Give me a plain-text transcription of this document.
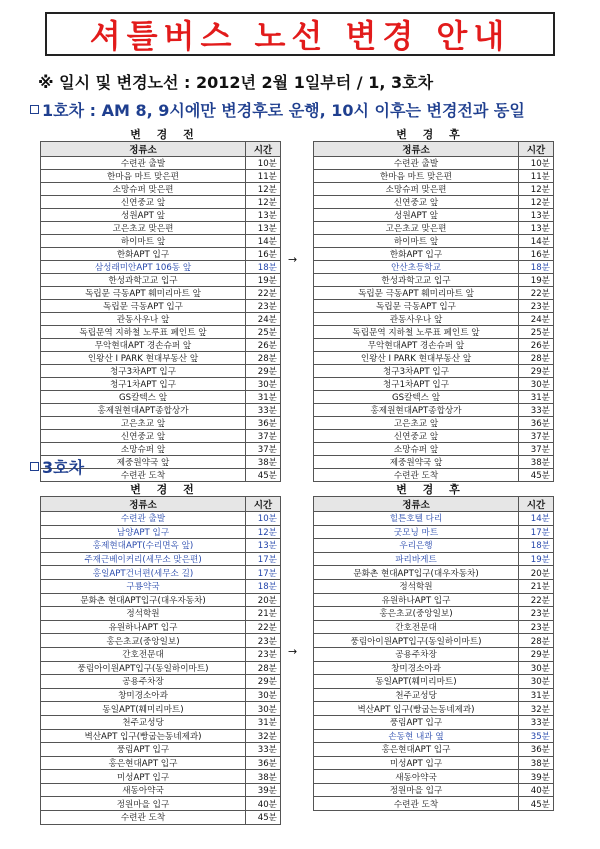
셔틀버스 노선 변경 안내
※ 일시 및 변경노선 : 2012년 2월 1일부터 / 1, 3호차
1호차 : AM 8, 9시에만 변경후로 운행, 10시 이후는 변경전과 동일
변 경 전	변 경 후
정류소	시간
수련관 출발	10분
한마음 마트 맞은편	11분
소망슈퍼 맞은편	12분
신연중교 앞	12분
성원APT 앞	13분
고은초교 맞은편	13분
하이마트 앞	14분
한화APT 입구	16분
삼성래미안APT 106동 앞	18분
한성과학고교 입구	19분
독립문 극동APT 훼미리마트 앞	22분
독립문 극동APT 입구	23분
관동사우나 앞	24분
독립문역 지하철 노루표 페인트 앞	25분
무악현대APT 경손슈퍼 앞	26분
인왕산 I PARK 현대부동산 앞	28분
청구3차APT 입구	29분
청구1차APT 입구	30분
GS칼텍스 앞	31분
홍제원현대APT종합상가	33분
고은초교 앞	36분
신연중교 앞	37분
소망슈퍼 앞	37분
제중원약국 앞	38분
수련관 도착	45분
→
정류소	시간
수련관 출발	10분
한마음 마트 맞은편	11분
소망슈퍼 맞은편	12분
신연중교 앞	12분
성원APT 앞	13분
고은초교 맞은편	13분
하이마트 앞	14분
한화APT 입구	16분
안산초등학교	18분
한성과학고교 입구	19분
독립문 극동APT 훼미리마트 앞	22분
독립문 극동APT 입구	23분
관동사우나 앞	24분
독립문역 지하철 노루표 페인트 앞	25분
무악현대APT 경손슈퍼 앞	26분
인왕산 I PARK 현대부동산 앞	28분
청구3차APT 입구	29분
청구1차APT 입구	30분
GS칼텍스 앞	31분
홍제원현대APT종합상가	33분
고은초교 앞	36분
신연중교 앞	37분
소망슈퍼 앞	37분
제중원약국 앞	38분
수련관 도착	45분
3호차
변 경 전	변 경 후
정류소	시간
수련관 출발	10분
남양APT 입구	12분
홍제현대APT(수리면옥 앞)	13분
주재근베이커리(세무소 맞은편)	17분
홍일APT건너편(세무소 길)	17분
구룡약국	18분
문화촌 현대APT입구(대우자동차)	20분
정석학원	21분
유원하나APT 입구	22분
홍은초교(중앙일보)	23분
간호전문대	23분
풍림아이원APT입구(동일하이마트)	28분
공용주차장	29분
창미경소아과	30분
동일APT(훼미리마트)	30분
천주교성당	31분
벽산APT 입구(빵굽는동네제과)	32분
풍림APT 입구	33분
홍은현대APT 입구	36분
미성APT 입구	38분
새동아약국	39분
정원마을 입구	40분
수련관 도착	45분
→
정류소	시간
힐튼호텔 다리	14분
굿모닝 마트	17분
우리은행	18분
파리바게트	19분
문화촌 현대APT입구(대우자동차)	20분
정석학원	21분
유원하나APT 입구	22분
홍은초교(중앙일보)	23분
간호전문대	23분
풍림아이원APT입구(동일하이마트)	28분
공용주차장	29분
창미경소아과	30분
동일APT(훼미리마트)	30분
천주교성당	31분
벽산APT 입구(빵굽는동네제과)	32분
풍림APT 입구	33분
손동현 내과 옆	35분
홍은현대APT 입구	36분
미성APT 입구	38분
새동아약국	39분
정원마을 입구	40분
수련관 도착	45분
